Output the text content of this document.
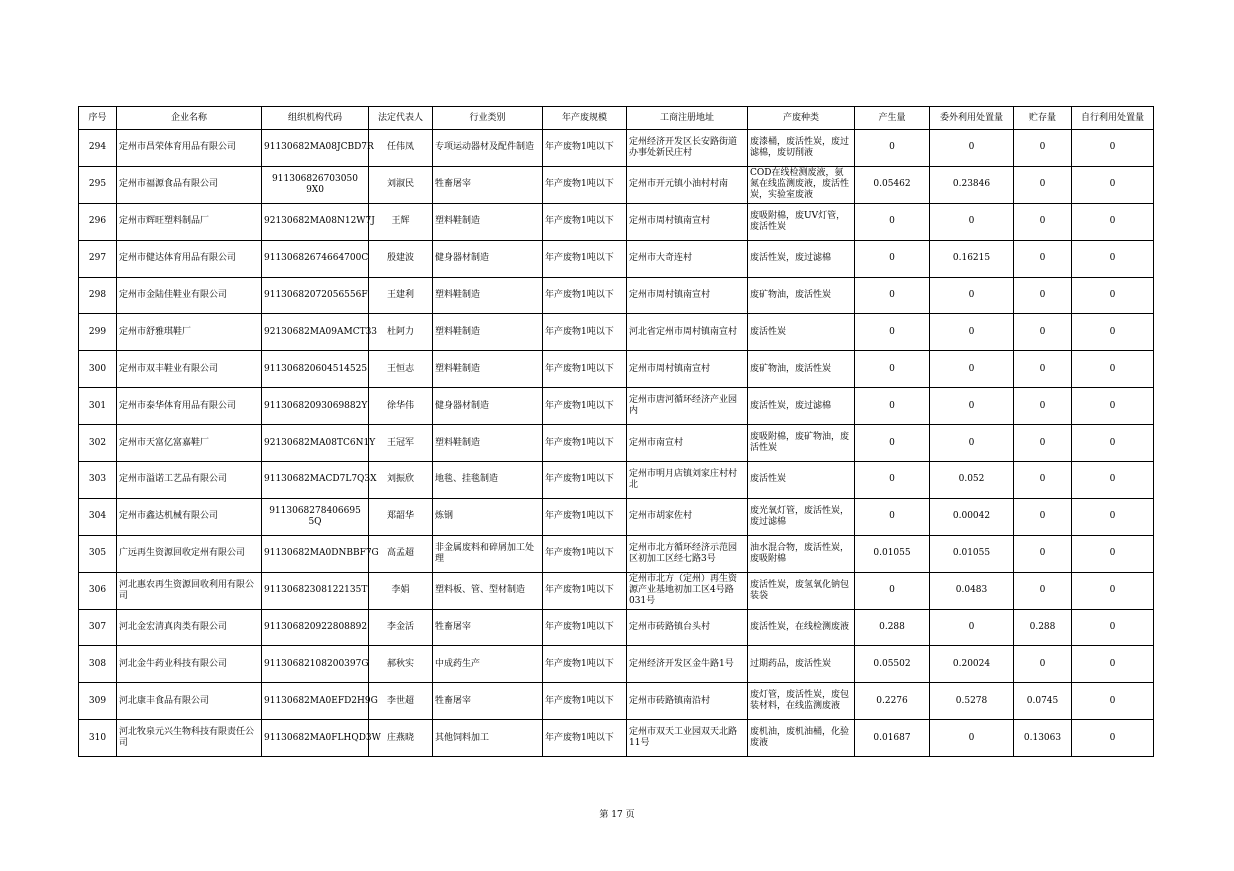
序号	企业名称	组织机构代码	法定代表人	行业类别	年产废规模	工商注册地址	产废种类	产生量	委外利用处置量	贮存量	自行利用处置量
294	定州市昌荣体育用品有限公司	91130682MA08JCBD7R	任伟凤	专项运动器材及配件制造	年产废物1吨以下	定州经济开发区长安路街道办事处新民庄村	废漆桶，废活性炭，废过滤棉，废切削液	0	0	0	0
295	定州市福源食品有限公司	911306826703050 9X0	刘淑民	牲畜屠宰	年产废物1吨以下	定州市开元镇小油村村南	COD在线检测废液，氨氮在线监测废液，废活性炭，实验室废液	0.05462	0.23846	0	0
296	定州市辉旺塑料制品厂	92130682MA08N12W7J	王辉	塑料鞋制造	年产废物1吨以下	定州市周村镇南宣村	废吸附棉，废UV灯管，废活性炭	0	0	0	0
297	定州市健达体育用品有限公司	91130682674664700C	殷建波	健身器材制造	年产废物1吨以下	定州市大奇连村	废活性炭，废过滤棉	0	0.16215	0	0
298	定州市金陆佳鞋业有限公司	91130682072056556F	王建利	塑料鞋制造	年产废物1吨以下	定州市周村镇南宣村	废矿物油，废活性炭	0	0	0	0
299	定州市舒雅琪鞋厂	92130682MA09AMCT33	杜阿力	塑料鞋制造	年产废物1吨以下	河北省定州市周村镇南宣村	废活性炭	0	0	0	0
300	定州市双丰鞋业有限公司	911306820604514525	王恒志	塑料鞋制造	年产废物1吨以下	定州市周村镇南宣村	废矿物油，废活性炭	0	0	0	0
301	定州市泰华体育用品有限公司	91130682093069882Y	徐华伟	健身器材制造	年产废物1吨以下	定州市唐河循环经济产业园内	废活性炭，废过滤棉	0	0	0	0
302	定州市天富亿富嘉鞋厂	92130682MA08TC6N1Y	王冠军	塑料鞋制造	年产废物1吨以下	定州市南宣村	废吸附棉，废矿物油，废活性炭	0	0	0	0
303	定州市溢诺工艺品有限公司	91130682MACD7L7Q3X	刘振欣	地毯、挂毯制造	年产废物1吨以下	定州市明月店镇刘家庄村村北	废活性炭	0	0.052	0	0
304	定州市鑫达机械有限公司	9113068278406695 5Q	郑韶华	炼钢	年产废物1吨以下	定州市胡家佐村	废光氧灯管，废活性炭，废过滤棉	0	0.00042	0	0
305	广远再生资源回收定州有限公司	91130682MA0DNBBF7G	高孟超	非金属废料和碎屑加工处理	年产废物1吨以下	定州市北方循环经济示范园区初加工区经七路3号	油水混合物，废活性炭，废吸附棉	0.01055	0.01055	0	0
306	河北惠农再生资源回收利用有限公司	91130682308122135T	李娟	塑料板、管、型材制造	年产废物1吨以下	定州市北方（定州）再生资源产业基地初加工区4号路031号	废活性炭，废氢氧化钠包装袋	0	0.0483	0	0
307	河北金宏清真肉类有限公司	911306820922808892	李金活	牲畜屠宰	年产废物1吨以下	定州市砖路镇台头村	废活性炭，在线检测废液	0.288	0	0.288	0
308	河北金牛药业科技有限公司	91130682108200397G	郝秋实	中成药生产	年产废物1吨以下	定州经济开发区金牛路1号	过期药品，废活性炭	0.05502	0.20024	0	0
309	河北康丰食品有限公司	91130682MA0EFD2H9G	李世超	牲畜屠宰	年产废物1吨以下	定州市砖路镇南沿村	废灯管，废活性炭，废包装材料，在线监测废液	0.2276	0.5278	0.0745	0
310	河北牧泉元兴生物科技有限责任公司	91130682MA0FLHQD3W	庄燕晓	其他饲料加工	年产废物1吨以下	定州市双天工业园双天北路11号	废机油，废机油桶，化验废液	0.01687	0	0.13063	0
第 17 页
